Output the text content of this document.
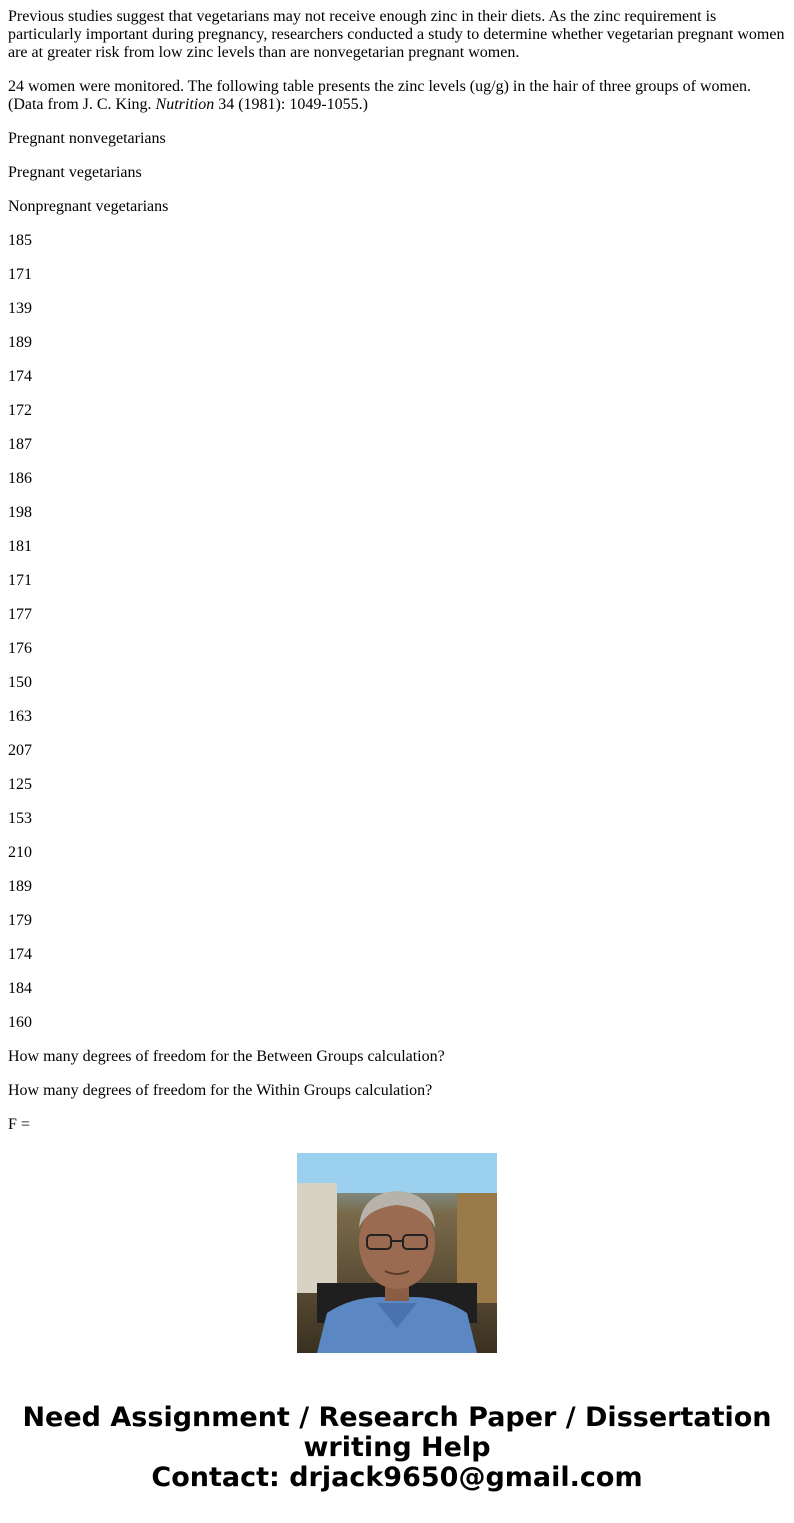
Previous studies suggest that vegetarians may not receive enough zinc in their diets. As the zinc requirement is particularly important during pregnancy, researchers conducted a study to determine whether vegetarian pregnant women are at greater risk from low zinc levels than are nonvegetarian pregnant women.

24 women were monitored. The following table presents the zinc levels (ug/g) in the hair of three groups of women. (Data from J. C. King. Nutrition 34 (1981): 1049-1055.)

Pregnant nonvegetarians

Pregnant vegetarians

Nonpregnant vegetarians

185

171

139

189

174

172

187

186

198

181

171

177

176

150

163

207

125

153

210

189

179

174

184

160

How many degrees of freedom for the Between Groups calculation?

How many degrees of freedom for the Within Groups calculation?

F =

Need Assignment / Research Paper / Dissertation
writing Help
Contact: drjack9650@gmail.com
